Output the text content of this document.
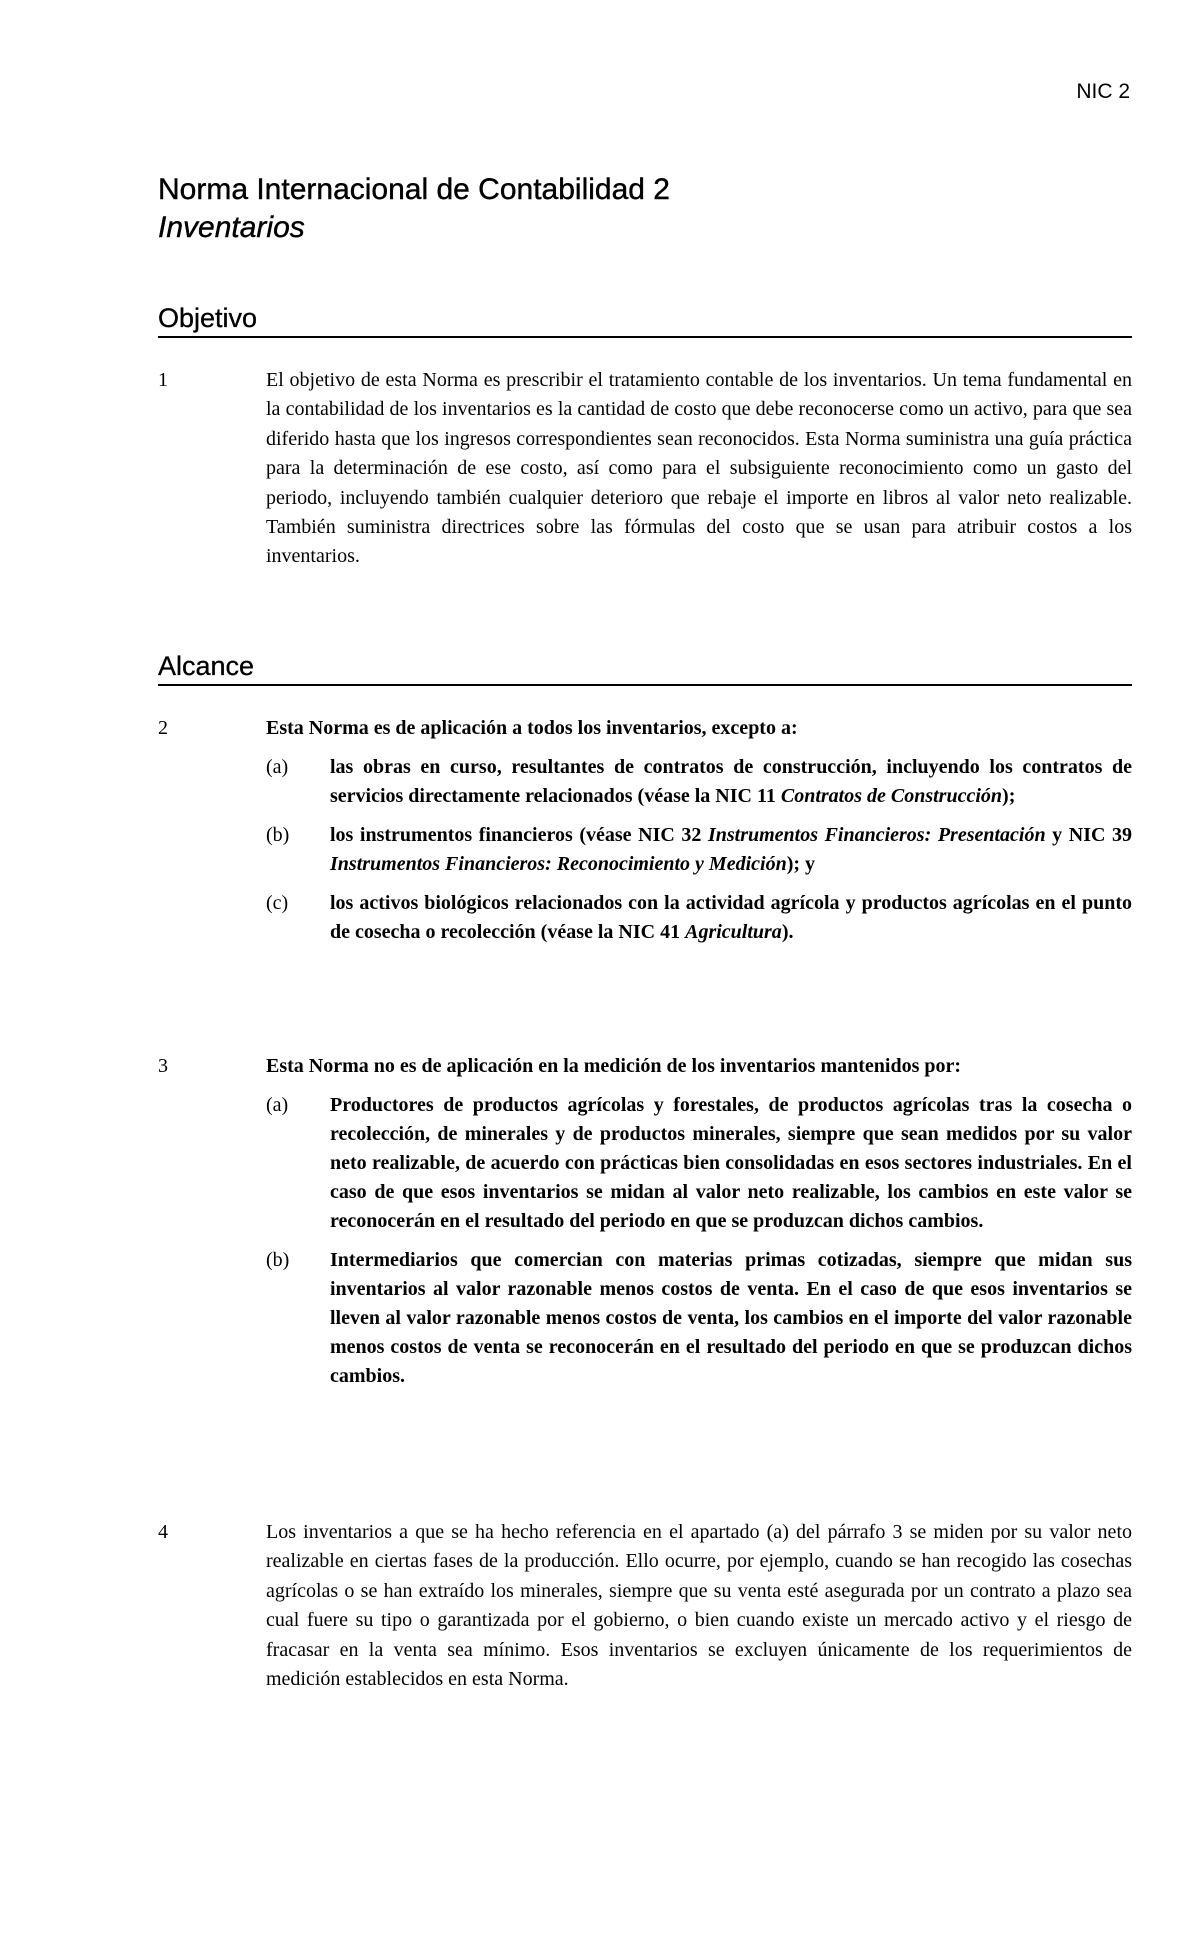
NIC 2
Norma Internacional de Contabilidad 2
Inventarios
Objetivo
1	El objetivo de esta Norma es prescribir el tratamiento contable de los inventarios. Un tema fundamental en la contabilidad de los inventarios es la cantidad de costo que debe reconocerse como un activo, para que sea diferido hasta que los ingresos correspondientes sean reconocidos. Esta Norma suministra una guía práctica para la determinación de ese costo, así como para el subsiguiente reconocimiento como un gasto del periodo, incluyendo también cualquier deterioro que rebaje el importe en libros al valor neto realizable. También suministra directrices sobre las fórmulas del costo que se usan para atribuir costos a los inventarios.
Alcance
2	Esta Norma es de aplicación a todos los inventarios, excepto a:
(a) las obras en curso, resultantes de contratos de construcción, incluyendo los contratos de servicios directamente relacionados (véase la NIC 11 Contratos de Construcción);
(b) los instrumentos financieros (véase NIC 32 Instrumentos Financieros: Presentación y NIC 39 Instrumentos Financieros: Reconocimiento y Medición); y
(c) los activos biológicos relacionados con la actividad agrícola y productos agrícolas en el punto de cosecha o recolección (véase la NIC 41 Agricultura).
3	Esta Norma no es de aplicación en la medición de los inventarios mantenidos por:
(a) Productores de productos agrícolas y forestales, de productos agrícolas tras la cosecha o recolección, de minerales y de productos minerales, siempre que sean medidos por su valor neto realizable, de acuerdo con prácticas bien consolidadas en esos sectores industriales. En el caso de que esos inventarios se midan al valor neto realizable, los cambios en este valor se reconocerán en el resultado del periodo en que se produzcan dichos cambios.
(b) Intermediarios que comercian con materias primas cotizadas, siempre que midan sus inventarios al valor razonable menos costos de venta. En el caso de que esos inventarios se lleven al valor razonable menos costos de venta, los cambios en el importe del valor razonable menos costos de venta se reconocerán en el resultado del periodo en que se produzcan dichos cambios.
4	Los inventarios a que se ha hecho referencia en el apartado (a) del párrafo 3 se miden por su valor neto realizable en ciertas fases de la producción. Ello ocurre, por ejemplo, cuando se han recogido las cosechas agrícolas o se han extraído los minerales, siempre que su venta esté asegurada por un contrato a plazo sea cual fuere su tipo o garantizada por el gobierno, o bien cuando existe un mercado activo y el riesgo de fracasar en la venta sea mínimo. Esos inventarios se excluyen únicamente de los requerimientos de medición establecidos en esta Norma.
